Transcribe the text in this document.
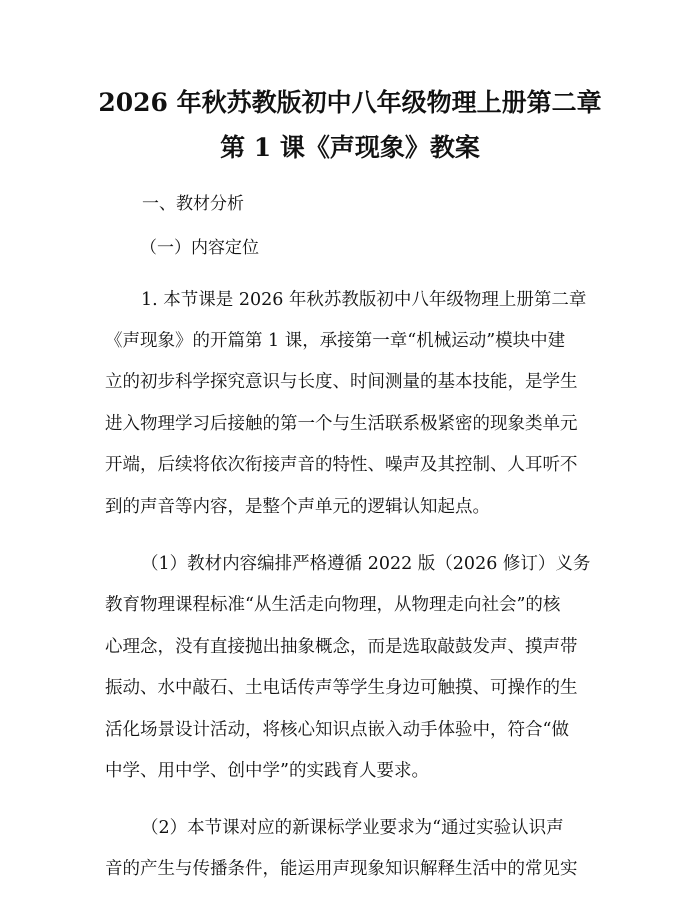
2026 年秋苏教版初中八年级物理上册第二章
第 1 课《声现象》教案
一、教材分析
（一）内容定位
1. 本节课是 2026 年秋苏教版初中八年级物理上册第二章
《声现象》的开篇第 1 课，承接第一章“机械运动”模块中建
立的初步科学探究意识与长度、时间测量的基本技能，是学生
进入物理学习后接触的第一个与生活联系极紧密的现象类单元
开端，后续将依次衔接声音的特性、噪声及其控制、人耳听不
到的声音等内容，是整个声单元的逻辑认知起点。
（1）教材内容编排严格遵循 2022 版（2026 修订）义务
教育物理课程标准“从生活走向物理，从物理走向社会”的核
心理念，没有直接抛出抽象概念，而是选取敲鼓发声、摸声带
振动、水中敲石、土电话传声等学生身边可触摸、可操作的生
活化场景设计活动，将核心知识点嵌入动手体验中，符合“做
中学、用中学、创中学”的实践育人要求。
（2）本节课对应的新课标学业要求为“通过实验认识声
音的产生与传播条件，能运用声现象知识解释生活中的常见实
